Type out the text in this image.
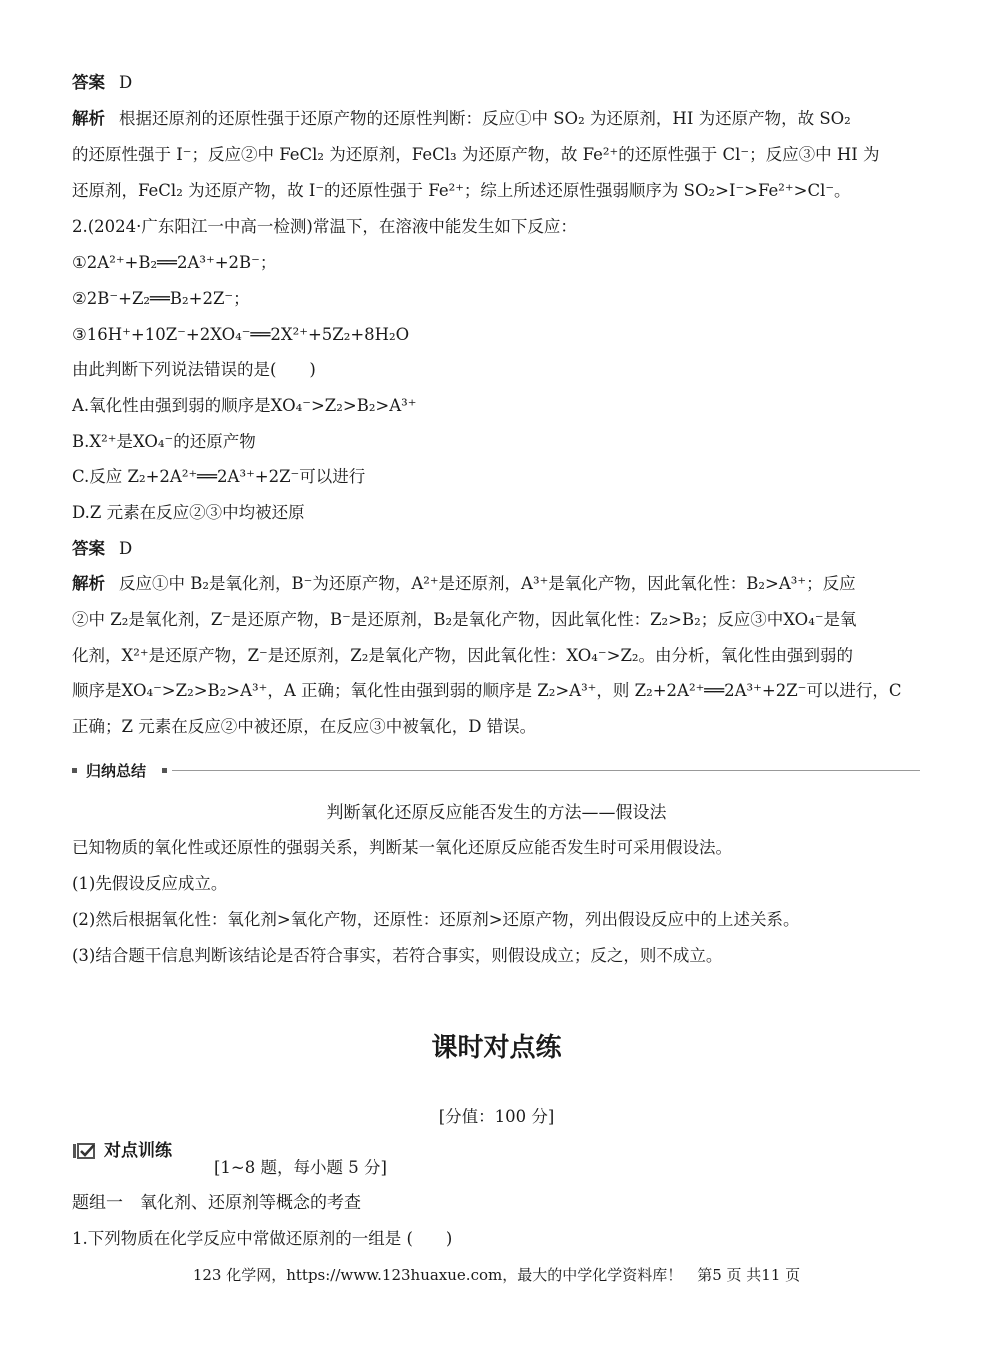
答案 D
解析 根据还原剂的还原性强于还原产物的还原性判断：反应①中 SO₂ 为还原剂，HI 为还原产物，故 SO₂
的还原性强于 I⁻；反应②中 FeCl₂ 为还原剂，FeCl₃ 为还原产物，故 Fe²⁺的还原性强于 Cl⁻；反应③中 HI 为
还原剂，FeCl₂ 为还原产物，故 I⁻的还原性强于 Fe²⁺；综上所述还原性强弱顺序为 SO₂>I⁻>Fe²⁺>Cl⁻。
2.(2024·广东阳江一中高一检测)常温下，在溶液中能发生如下反应：
①2A²⁺+B₂══2A³⁺+2B⁻；
②2B⁻+Z₂══B₂+2Z⁻；
③16H⁺+10Z⁻+2XO₄⁻══2X²⁺+5Z₂+8H₂O
由此判断下列说法错误的是(　　)
A.氧化性由强到弱的顺序是XO₄⁻>Z₂>B₂>A³⁺
B.X²⁺是XO₄⁻的还原产物
C.反应 Z₂+2A²⁺══2A³⁺+2Z⁻可以进行
D.Z 元素在反应②③中均被还原
答案 D
解析 反应①中 B₂是氧化剂，B⁻为还原产物，A²⁺是还原剂，A³⁺是氧化产物，因此氧化性：B₂>A³⁺；反应
②中 Z₂是氧化剂，Z⁻是还原产物，B⁻是还原剂，B₂是氧化产物，因此氧化性：Z₂>B₂；反应③中XO₄⁻是氧
化剂，X²⁺是还原产物，Z⁻是还原剂，Z₂是氧化产物，因此氧化性：XO₄⁻>Z₂。由分析，氧化性由强到弱的
顺序是XO₄⁻>Z₂>B₂>A³⁺，A 正确；氧化性由强到弱的顺序是 Z₂>A³⁺，则 Z₂+2A²⁺══2A³⁺+2Z⁻可以进行，C
正确；Z 元素在反应②中被还原，在反应③中被氧化，D 错误。
归纳总结
判断氧化还原反应能否发生的方法——假设法
已知物质的氧化性或还原性的强弱关系，判断某一氧化还原反应能否发生时可采用假设法。
(1)先假设反应成立。
(2)然后根据氧化性：氧化剂>氧化产物，还原性：还原剂>还原产物，列出假设反应中的上述关系。
(3)结合题干信息判断该结论是否符合事实，若符合事实，则假设成立；反之，则不成立。
课时对点练
[分值：100 分]
对点训练
[1~8 题，每小题 5 分]
题组一　氧化剂、还原剂等概念的考查
1.下列物质在化学反应中常做还原剂的一组是 (　　)
123 化学网，https://www.123huaxue.com，最大的中学化学资料库！　第5 页 共11 页
